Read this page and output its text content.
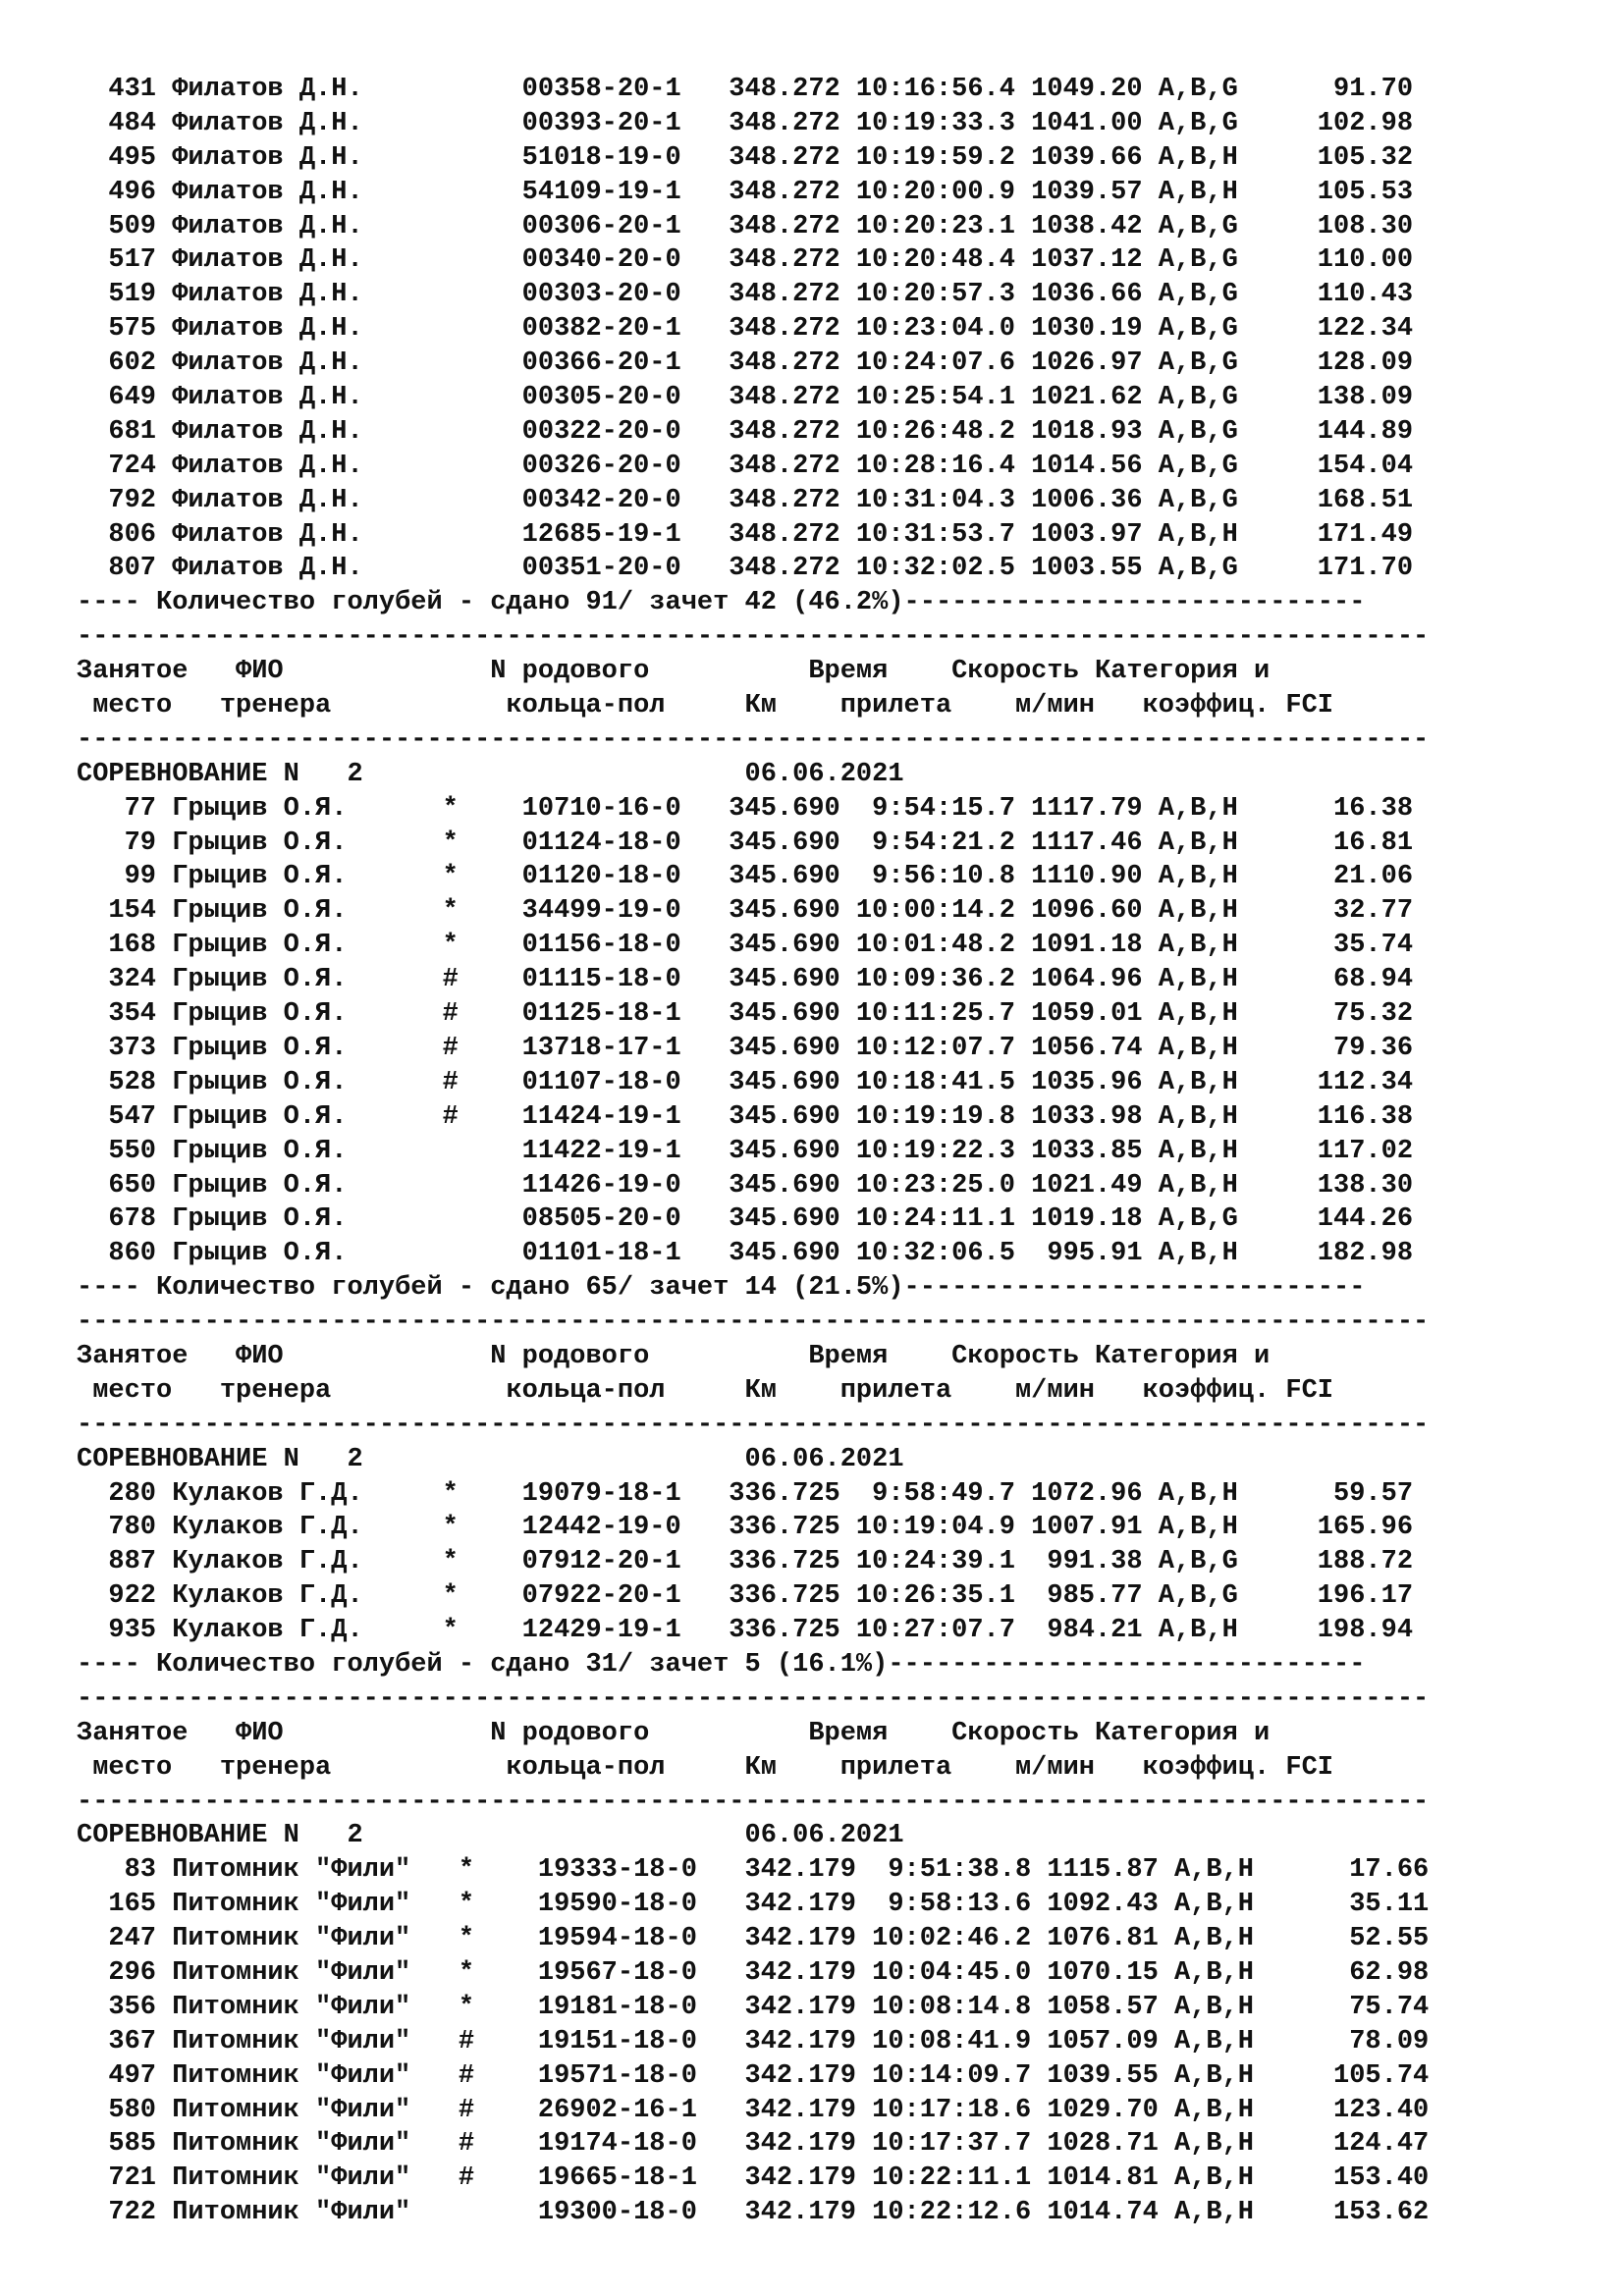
431 Филатов Д.Н.          00358-20-1   348.272 10:16:56.4 1049.20 A,B,G      91.70
484 Филатов Д.Н.          00393-20-1   348.272 10:19:33.3 1041.00 A,B,G     102.98
495 Филатов Д.Н.          51018-19-0   348.272 10:19:59.2 1039.66 A,B,H     105.32
496 Филатов Д.Н.          54109-19-1   348.272 10:20:00.9 1039.57 A,B,H     105.53
509 Филатов Д.Н.          00306-20-1   348.272 10:20:23.1 1038.42 A,B,G     108.30
517 Филатов Д.Н.          00340-20-0   348.272 10:20:48.4 1037.12 A,B,G     110.00
519 Филатов Д.Н.          00303-20-0   348.272 10:20:57.3 1036.66 A,B,G     110.43
575 Филатов Д.Н.          00382-20-1   348.272 10:23:04.0 1030.19 A,B,G     122.34
602 Филатов Д.Н.          00366-20-1   348.272 10:24:07.6 1026.97 A,B,G     128.09
649 Филатов Д.Н.          00305-20-0   348.272 10:25:54.1 1021.62 A,B,G     138.09
681 Филатов Д.Н.          00322-20-0   348.272 10:26:48.2 1018.93 A,B,G     144.89
724 Филатов Д.Н.          00326-20-0   348.272 10:28:16.4 1014.56 A,B,G     154.04
792 Филатов Д.Н.          00342-20-0   348.272 10:31:04.3 1006.36 A,B,G     168.51
806 Филатов Д.Н.          12685-19-1   348.272 10:31:53.7 1003.97 A,B,H     171.49
807 Филатов Д.Н.          00351-20-0   348.272 10:32:02.5 1003.55 A,B,G     171.70
---- Количество голубей - сдано 91/ зачет 42 (46.2%)-----------------------------
-------------------------------------------------------------------------------------
Занятое   ФИО             N родового          Время    Скорость Категория и
место   тренера           кольца-пол     Км    прилета    м/мин   коэффиц. FCI
-------------------------------------------------------------------------------------
СОРЕВНОВАНИЕ N   2                        06.06.2021
77 Грыцив О.Я.      *    10710-16-0   345.690  9:54:15.7 1117.79 A,B,H      16.38
79 Грыцив О.Я.      *    01124-18-0   345.690  9:54:21.2 1117.46 A,B,H      16.81
99 Грыцив О.Я.      *    01120-18-0   345.690  9:56:10.8 1110.90 A,B,H      21.06
154 Грыцив О.Я.      *    34499-19-0   345.690 10:00:14.2 1096.60 A,B,H      32.77
168 Грыцив О.Я.      *    01156-18-0   345.690 10:01:48.2 1091.18 A,B,H      35.74
324 Грыцив О.Я.      #    01115-18-0   345.690 10:09:36.2 1064.96 A,B,H      68.94
354 Грыцив О.Я.      #    01125-18-1   345.690 10:11:25.7 1059.01 A,B,H      75.32
373 Грыцив О.Я.      #    13718-17-1   345.690 10:12:07.7 1056.74 A,B,H      79.36
528 Грыцив О.Я.      #    01107-18-0   345.690 10:18:41.5 1035.96 A,B,H     112.34
547 Грыцив О.Я.      #    11424-19-1   345.690 10:19:19.8 1033.98 A,B,H     116.38
550 Грыцив О.Я.           11422-19-1   345.690 10:19:22.3 1033.85 A,B,H     117.02
650 Грыцив О.Я.           11426-19-0   345.690 10:23:25.0 1021.49 A,B,H     138.30
678 Грыцив О.Я.           08505-20-0   345.690 10:24:11.1 1019.18 A,B,G     144.26
860 Грыцив О.Я.           01101-18-1   345.690 10:32:06.5  995.91 A,B,H     182.98
---- Количество голубей - сдано 65/ зачет 14 (21.5%)-----------------------------
-------------------------------------------------------------------------------------
Занятое   ФИО             N родового          Время    Скорость Категория и
место   тренера           кольца-пол     Км    прилета    м/мин   коэффиц. FCI
-------------------------------------------------------------------------------------
СОРЕВНОВАНИЕ N   2                        06.06.2021
280 Кулаков Г.Д.     *    19079-18-1   336.725  9:58:49.7 1072.96 A,B,H      59.57
780 Кулаков Г.Д.     *    12442-19-0   336.725 10:19:04.9 1007.91 A,B,H     165.96
887 Кулаков Г.Д.     *    07912-20-1   336.725 10:24:39.1  991.38 A,B,G     188.72
922 Кулаков Г.Д.     *    07922-20-1   336.725 10:26:35.1  985.77 A,B,G     196.17
935 Кулаков Г.Д.     *    12429-19-1   336.725 10:27:07.7  984.21 A,B,H     198.94
---- Количество голубей - сдано 31/ зачет 5 (16.1%)------------------------------
-------------------------------------------------------------------------------------
Занятое   ФИО             N родового          Время    Скорость Категория и
место   тренера           кольца-пол     Км    прилета    м/мин   коэффиц. FCI
-------------------------------------------------------------------------------------
СОРЕВНОВАНИЕ N   2                        06.06.2021
83 Питомник "Фили"   *    19333-18-0   342.179  9:51:38.8 1115.87 A,B,H      17.66
165 Питомник "Фили"   *    19590-18-0   342.179  9:58:13.6 1092.43 A,B,H      35.11
247 Питомник "Фили"   *    19594-18-0   342.179 10:02:46.2 1076.81 A,B,H      52.55
296 Питомник "Фили"   *    19567-18-0   342.179 10:04:45.0 1070.15 A,B,H      62.98
356 Питомник "Фили"   *    19181-18-0   342.179 10:08:14.8 1058.57 A,B,H      75.74
367 Питомник "Фили"   #    19151-18-0   342.179 10:08:41.9 1057.09 A,B,H      78.09
497 Питомник "Фили"   #    19571-18-0   342.179 10:14:09.7 1039.55 A,B,H     105.74
580 Питомник "Фили"   #    26902-16-1   342.179 10:17:18.6 1029.70 A,B,H     123.40
585 Питомник "Фили"   #    19174-18-0   342.179 10:17:37.7 1028.71 A,B,H     124.47
721 Питомник "Фили"   #    19665-18-1   342.179 10:22:11.1 1014.81 A,B,H     153.40
722 Питомник "Фили"        19300-18-0   342.179 10:22:12.6 1014.74 A,B,H     153.62
